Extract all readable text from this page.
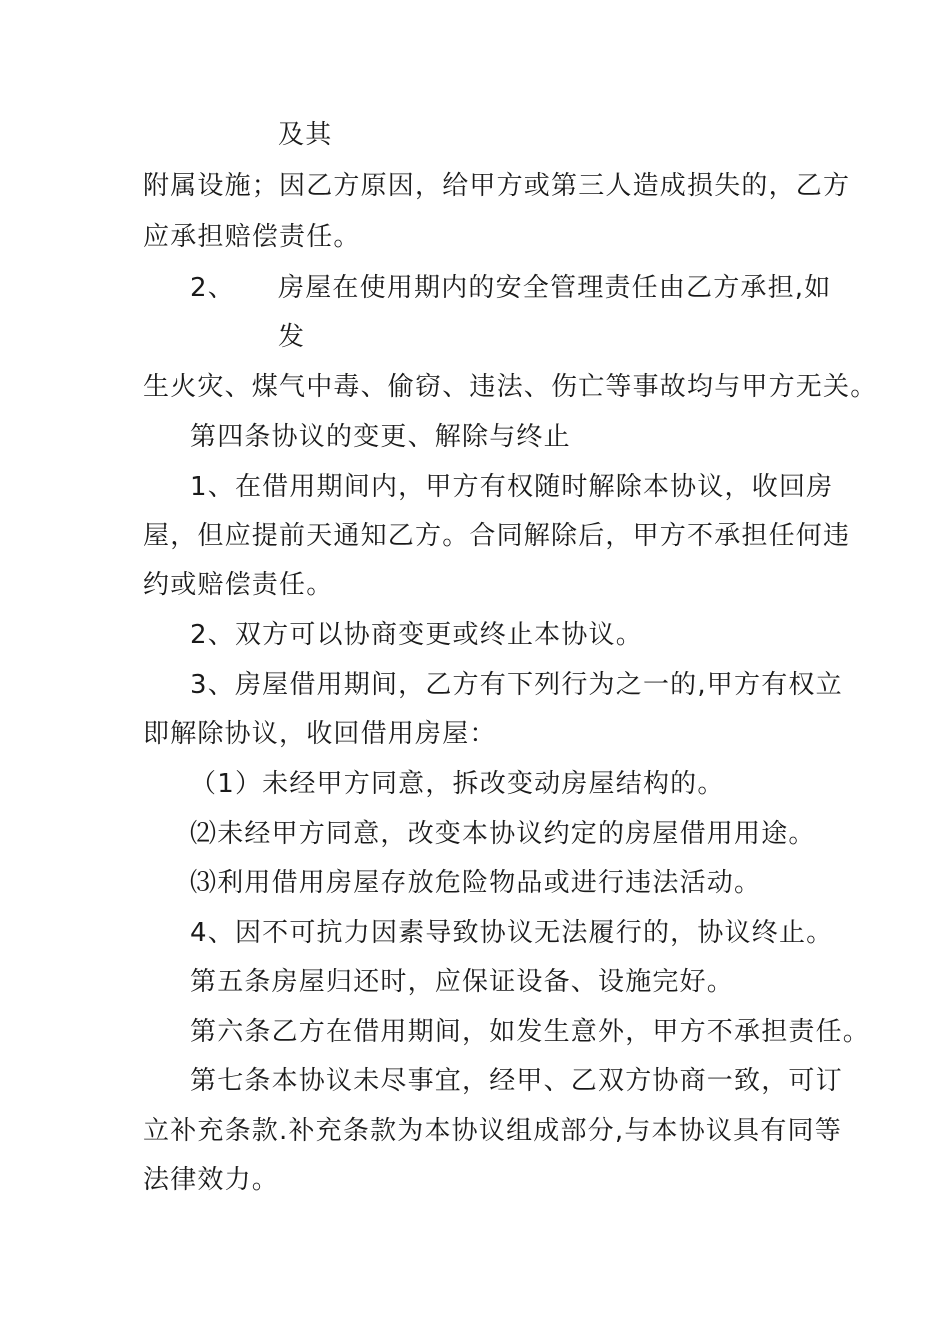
及其

附属设施；因乙方原因，给甲方或第三人造成损失的，乙方

应承担赔偿责任。

2、 房屋在使用期内的安全管理责任由乙方承担,如

发

生火灾、煤气中毒、偷窃、违法、伤亡等事故均与甲方无关。

第四条协议的变更、解除与终止

1、在借用期间内，甲方有权随时解除本协议，收回房

屋，但应提前天通知乙方。合同解除后，甲方不承担任何违

约或赔偿责任。

2、双方可以协商变更或终止本协议。

3、房屋借用期间，乙方有下列行为之一的,甲方有权立

即解除协议，收回借用房屋：

（1）未经甲方同意，拆改变动房屋结构的。

⑵未经甲方同意，改变本协议约定的房屋借用用途。

⑶利用借用房屋存放危险物品或进行违法活动。

4、因不可抗力因素导致协议无法履行的，协议终止。

第五条房屋归还时，应保证设备、设施完好。

第六条乙方在借用期间，如发生意外，甲方不承担责任。

第七条本协议未尽事宜，经甲、乙双方协商一致，可订

立补充条款.补充条款为本协议组成部分,与本协议具有同等

法律效力。
